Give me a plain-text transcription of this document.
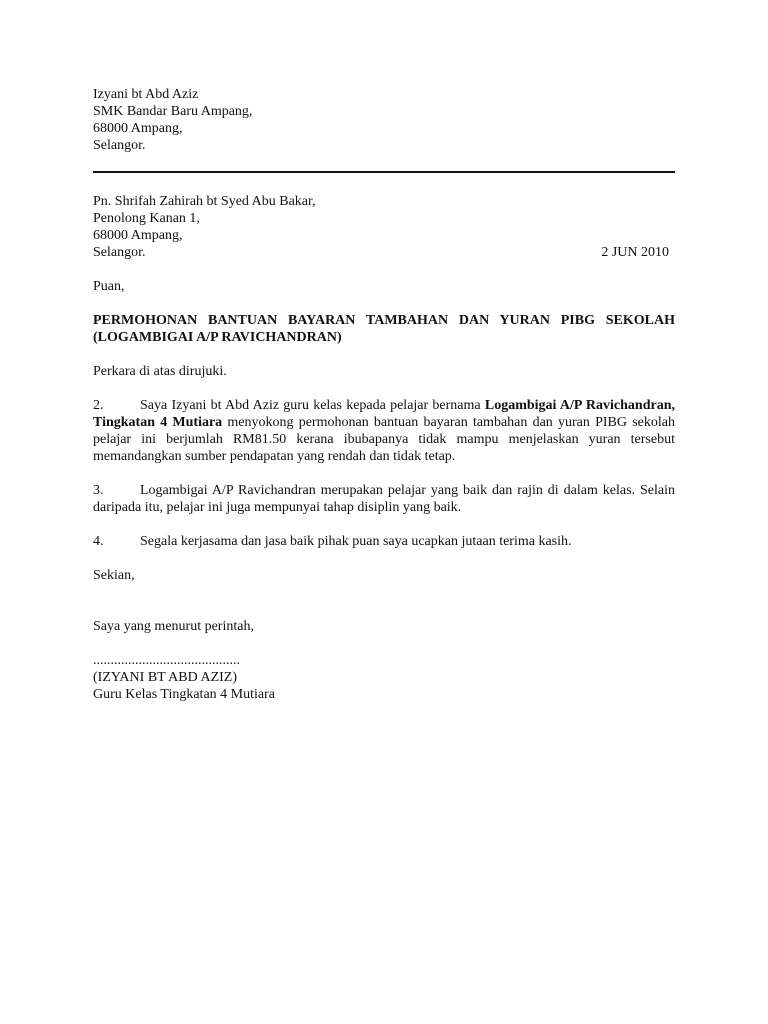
Izyani bt Abd Aziz
SMK Bandar Baru Ampang,
68000 Ampang,
Selangor.
Pn. Shrifah Zahirah bt Syed Abu Bakar,
Penolong Kanan 1,
68000 Ampang,
Selangor.	2 JUN 2010
Puan,
PERMOHONAN BANTUAN BAYARAN TAMBAHAN DAN YURAN PIBG SEKOLAH (LOGAMBIGAI A/P RAVICHANDRAN)
Perkara di atas dirujuki.
2.	Saya Izyani bt Abd Aziz guru kelas kepada pelajar bernama Logambigai A/P Ravichandran, Tingkatan 4 Mutiara menyokong permohonan bantuan bayaran tambahan dan yuran PIBG sekolah pelajar ini berjumlah RM81.50 kerana ibubapanya tidak mampu menjelaskan yuran tersebut memandangkan sumber pendapatan yang rendah dan tidak tetap.
3.	Logambigai A/P Ravichandran merupakan pelajar yang baik dan rajin di dalam kelas. Selain daripada itu, pelajar ini juga mempunyai tahap disiplin yang baik.
4.	Segala kerjasama dan jasa baik pihak puan saya ucapkan jutaan terima kasih.
Sekian,
Saya yang menurut perintah,
..........................................
(IZYANI BT ABD AZIZ)
Guru Kelas Tingkatan 4 Mutiara
